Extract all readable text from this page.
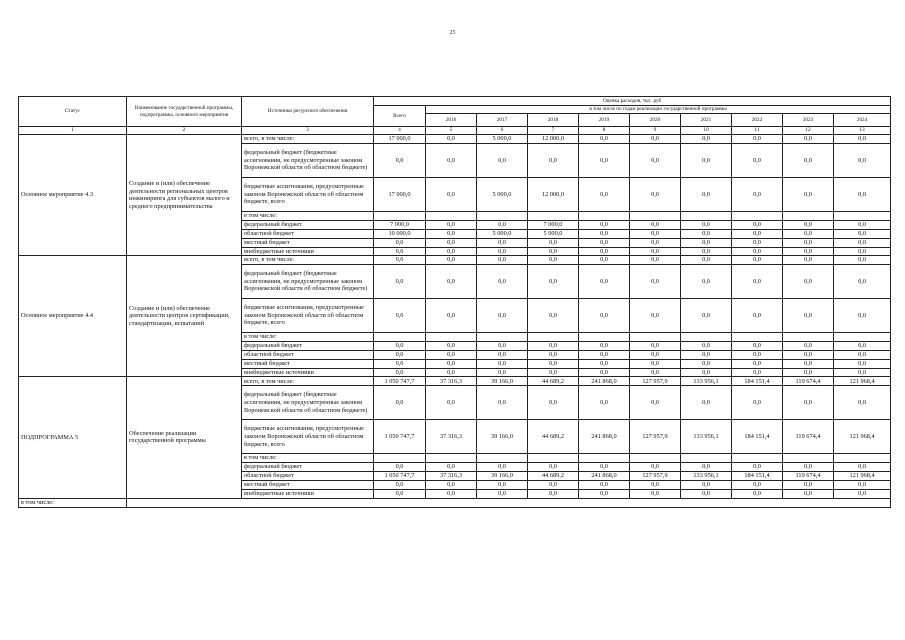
25
Статус	Наименование государственной программы, подпрограммы, основного мероприятия	Источники ресурсного обеспечения	Оценка расходов, тыс. руб									
			Всего	в том числе по годам реализации государственной программы								
				2016	2017	2018	2019	2020	2021	2022	2023	2024
1	2	3	4	5	6	7	8	9	10	11	12	13
Основное мероприятие 4.3	Создание и (или) обеспечение деятельности региональных центров инжиниринга для субъектов малого и среднего предпринимательства	всего, в том числе:	17 000,0	0,0	5 000,0	12 000,0	0,0	0,0	0,0	0,0	0,0	0,0
		федеральный бюджет (бюджетные ассигнования, не предусмотренные законом Воронежской области об областном бюджете)	0,0	0,0	0,0	0,0	0,0	0,0	0,0	0,0	0,0	0,0
		бюджетные ассигнования, предусмотренные законом Воронежской области об областном бюджете, всего	17 000,0	0,0	5 000,0	12 000,0	0,0	0,0	0,0	0,0	0,0	0,0
		в том числе:										
		федеральный бюджет	7 000,0	0,0	0,0	7 000,0	0,0	0,0	0,0	0,0	0,0	0,0
		областной бюджет	10 000,0	0,0	5 000,0	5 000,0	0,0	0,0	0,0	0,0	0,0	0,0
		местный бюджет	0,0	0,0	0,0	0,0	0,0	0,0	0,0	0,0	0,0	0,0
		внебюджетные источники	0,0	0,0	0,0	0,0	0,0	0,0	0,0	0,0	0,0	0,0
Основное мероприятие 4.4	Создание и (или) обеспечение деятельности центров сертификации, стандартизации, испытаний	всего, в том числе:	0,0	0,0	0,0	0,0	0,0	0,0	0,0	0,0	0,0	0,0
		федеральный бюджет (бюджетные ассигнования, не предусмотренные законом Воронежской области об областном бюджете)	0,0	0,0	0,0	0,0	0,0	0,0	0,0	0,0	0,0	0,0
		бюджетные ассигнования, предусмотренные законом Воронежской области об областном бюджете, всего	0,0	0,0	0,0	0,0	0,0	0,0	0,0	0,0	0,0	0,0
		в том числе:										
		федеральный бюджет	0,0	0,0	0,0	0,0	0,0	0,0	0,0	0,0	0,0	0,0
		областной бюджет	0,0	0,0	0,0	0,0	0,0	0,0	0,0	0,0	0,0	0,0
		местный бюджет	0,0	0,0	0,0	0,0	0,0	0,0	0,0	0,0	0,0	0,0
		внебюджетные источники	0,0	0,0	0,0	0,0	0,0	0,0	0,0	0,0	0,0	0,0
ПОДПРОГРАММА 5	Обеспечение реализации государственной программы	всего, в том числе:	1 050 747,7	37 316,3	39 166,0	44 689,2	241 868,0	127 957,9	133 956,1	184 151,4	119 674,4	121 968,4
		федеральный бюджет (бюджетные ассигнования, не предусмотренные законом Воронежской области об областном бюджете)	0,0	0,0	0,0	0,0	0,0	0,0	0,0	0,0	0,0	0,0
		бюджетные ассигнования, предусмотренные законом Воронежской области об областном бюджете, всего	1 050 747,7	37 316,3	39 166,0	44 689,2	241 868,0	127 957,9	133 956,1	184 151,4	119 674,4	121 968,4
		в том числе:										
		федеральный бюджет	0,0	0,0	0,0	0,0	0,0	0,0	0,0	0,0	0,0	0,0
		областной бюджет	1 050 747,7	37 316,3	39 166,0	44 689,2	241 868,0	127 957,9	133 956,1	184 151,4	119 674,4	121 968,4
		местный бюджет	0,0	0,0	0,0	0,0	0,0	0,0	0,0	0,0	0,0	0,0
		внебюджетные источники	0,0	0,0	0,0	0,0	0,0	0,0	0,0	0,0	0,0	0,0
в том числе:												
